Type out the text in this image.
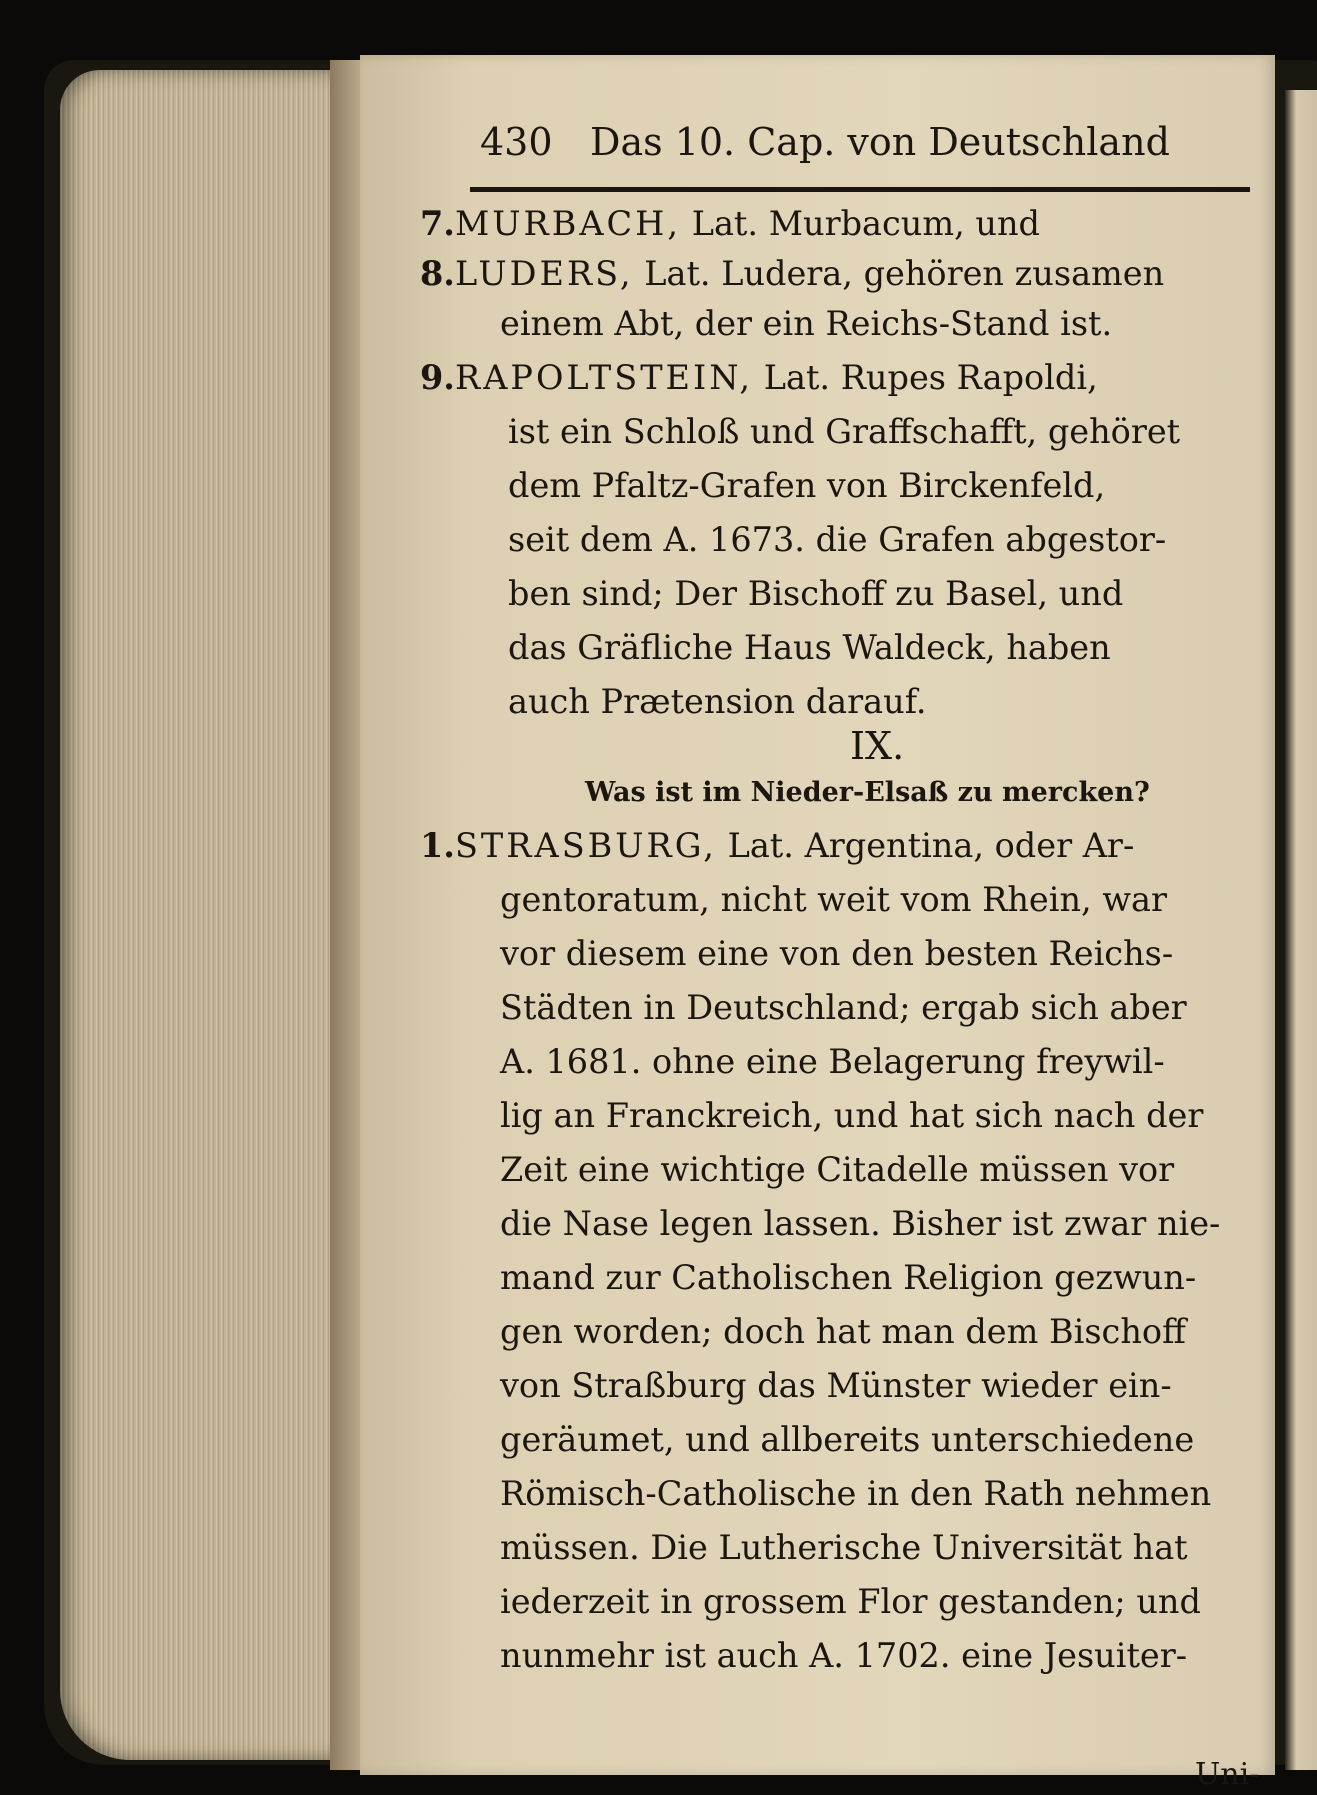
430 Das 10. Cap. von Deutschland
7.MURBACH, Lat. Murbacum, und
8.LUDERS, Lat. Ludera, gehören zusamen
einem Abt, der ein Reichs-Stand ist.
9.RAPOLTSTEIN, Lat. Rupes Rapoldi,
ist ein Schloß und Graffschafft, gehöret
dem Pfaltz-Grafen von Birckenfeld,
seit dem A. 1673. die Grafen abgestor-
ben sind; Der Bischoff zu Basel, und
das Gräfliche Haus Waldeck, haben
auch Prætension darauf.
IX.
Was ist im Nieder-Elsaß zu mercken?
1.STRASBURG, Lat. Argentina, oder Ar-
gentoratum, nicht weit vom Rhein, war
vor diesem eine von den besten Reichs-
Städten in Deutschland; ergab sich aber
A. 1681. ohne eine Belagerung freywil-
lig an Franckreich, und hat sich nach der
Zeit eine wichtige Citadelle müssen vor
die Nase legen lassen. Bisher ist zwar nie-
mand zur Catholischen Religion gezwun-
gen worden; doch hat man dem Bischoff
von Straßburg das Münster wieder ein-
geräumet, und allbereits unterschiedene
Römisch-Catholische in den Rath nehmen
müssen. Die Lutherische Universität hat
iederzeit in grossem Flor gestanden; und
nunmehr ist auch A. 1702. eine Jesuiter-
Uni-
